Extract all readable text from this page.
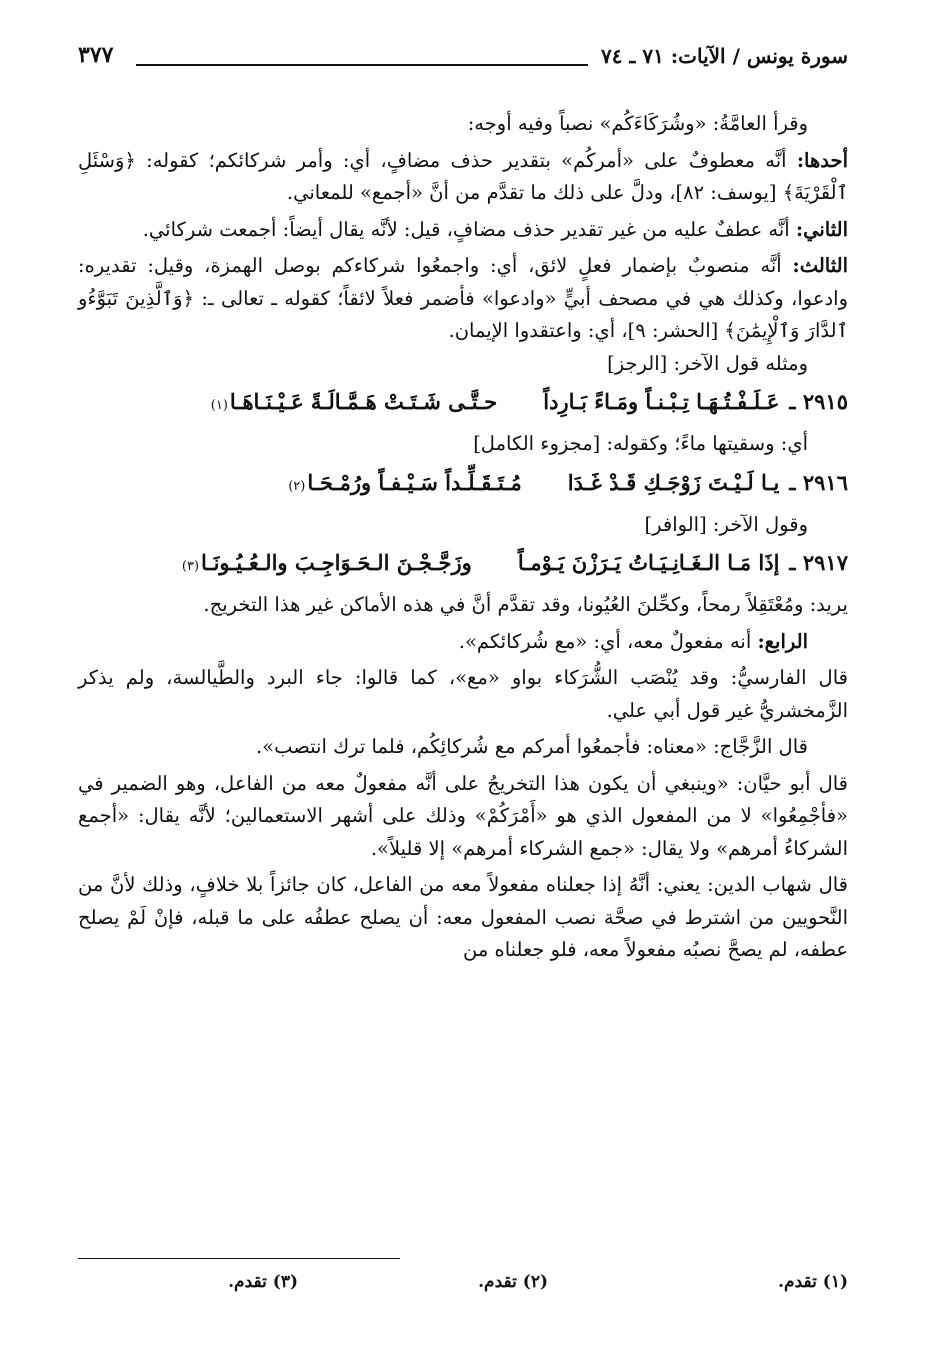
سورة يونس / الآيات: ٧١ ـ ٧٤
٣٧٧

وقرأ العامَّةُ: «وشُرَكَاءَكُم» نصباً وفيه أوجه:

أحدها: أنَّه معطوفٌ على «أمركُم» بتقدير حذف مضافٍ، أي: وأمر شركائكم؛ كقوله: ﴿وَسْئَلِ ٱلْقَرْيَةَ﴾ [يوسف: ٨٢]، ودلَّ على ذلك ما تقدَّم من أنَّ «أجمع» للمعاني.

الثاني: أنَّه عطفٌ عليه من غير تقدير حذف مضافٍ، قيل: لأنَّه يقال أيضاً: أجمعت شركائي.

الثالث: أنَّه منصوبٌ بإضمار فعلٍ لائق، أي: واجمعُوا شركاءكم بوصل الهمزة، وقيل: تقديره: وادعوا، وكذلك هي في مصحف أبيٍّ «وادعوا» فأضمر فعلاً لائقاً؛ كقوله ـ تعالى ـ: ﴿وَٱلَّذِينَ تَبَوَّءُو ٱلدَّارَ وَٱلْإِيمَٰنَ﴾ [الحشر: ٩]، أي: واعتقدوا الإيمان.

ومثله قول الآخر: [الرجز]

٢٩١٥ ـ
عَـلَـفْـتُـهَـا تِـبْـنـاً ومَـاءً بَـارِداً
حـتَّـى شَـتَـتْ هَـمَّـالَـةً عَـيْـنَـاهَـا
(١)

أي: وسقيتها ماءً؛ وكقوله: [مجزوء الكامل]

٢٩١٦ ـ
يـا لَـيْـتَ زَوْجَـكِ قَـدْ غَـدَا
مُـتَـقَـلِّـداً سَـيْـفـاً ورُمْـحَـا
(٢)

وقول الآخر: [الوافر]

٢٩١٧ ـ
إذَا مَـا الـغَـانِـيَـاتُ يَـرَزْنَ يَـوْمـاً
وزَجَّـجْـنَ الـحَـوَاجِـبَ والـعُـيُـونَـا
(٣)

يريد: ومُعْتَقِلاً رمحاً، وكحِّلنَ العُيُونا، وقد تقدَّم أنَّ في هذه الأماكن غير هذا التخريج.

الرابع: أنه مفعولٌ معه، أي: «مع شُركائكم».

قال الفارسيُّ: وقد يُنْصَب الشُّرَكاء بواو «مع»، كما قالوا: جاء البرد والطَّيالسة، ولم يذكر الزَّمخشريُّ غير قول أبي علي.

قال الزَّجَّاج: «معناه: فأجمعُوا أمركم مع شُركائِكُم، فلما ترك انتصب».

قال أبو حيَّان: «وينبغي أن يكون هذا التخريجُ على أنَّه مفعولٌ معه من الفاعل، وهو الضمير في «فأجْمِعُوا» لا من المفعول الذي هو «أَمْرَكُمْ» وذلك على أشهر الاستعمالين؛ لأنَّه يقال: «أجمع الشركاءُ أمرهم» ولا يقال: «جمع الشركاء أمرهم» إلا قليلاً».

قال شهاب الدين: يعني: أنَّهُ إذا جعلناه مفعولاً معه من الفاعل، كان جائزاً بلا خلافٍ، وذلك لأنَّ من النَّحويين من اشترط في صحَّة نصب المفعول معه: أن يصلح عطفُه على ما قبله، فإنْ لَمْ يصلح عطفه، لم يصحَّ نصبُه مفعولاً معه، فلو جعلناه من

(١) تقدم.
(٢) تقدم.
(٣) تقدم.
